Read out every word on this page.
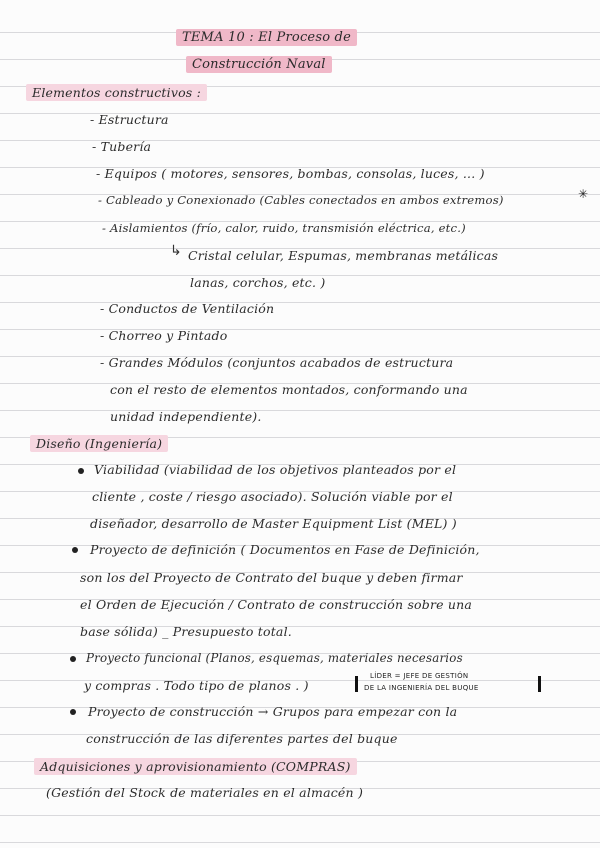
TEMA 10 : El Proceso de
Construcción Naval
Elementos constructivos :
- Estructura
- Tubería
- Equipos ( motores, sensores, bombas, consolas, luces, ... )
- Cableado y Conexionado (Cables conectados en ambos extremos)	✳
- Aislamientos (frío, calor, ruido, transmisión eléctrica, etc.)
↳ Cristal celular, Espumas, membranas metálicas
lanas, corchos, etc. )
- Conductos de Ventilación
- Chorreo y Pintado
- Grandes Módulos (conjuntos acabados de estructura
con el resto de elementos montados, conformando una
unidad independiente).
Diseño (Ingeniería)
Viabilidad (viabilidad de los objetivos planteados por el
cliente , coste / riesgo asociado). Solución viable por el
diseñador, desarrollo de Master Equipment List (MEL) )
Proyecto de definición ( Documentos en Fase de Definición,
son los del Proyecto de Contrato del buque y deben firmar
el Orden de Ejecución / Contrato de construcción sobre una
base sólida) _ Presupuesto total.
Proyecto funcional (Planos, esquemas, materiales necesarios
y compras . Todo tipo de planos . )
LÍDER = JEFE DE GESTIÓN
DE LA INGENIERÍA DEL BUQUE
Proyecto de construcción → Grupos para empezar con la
construcción de las diferentes partes del buque
Adquisiciones y aprovisionamiento (COMPRAS)
(Gestión del Stock de materiales en el almacén )
